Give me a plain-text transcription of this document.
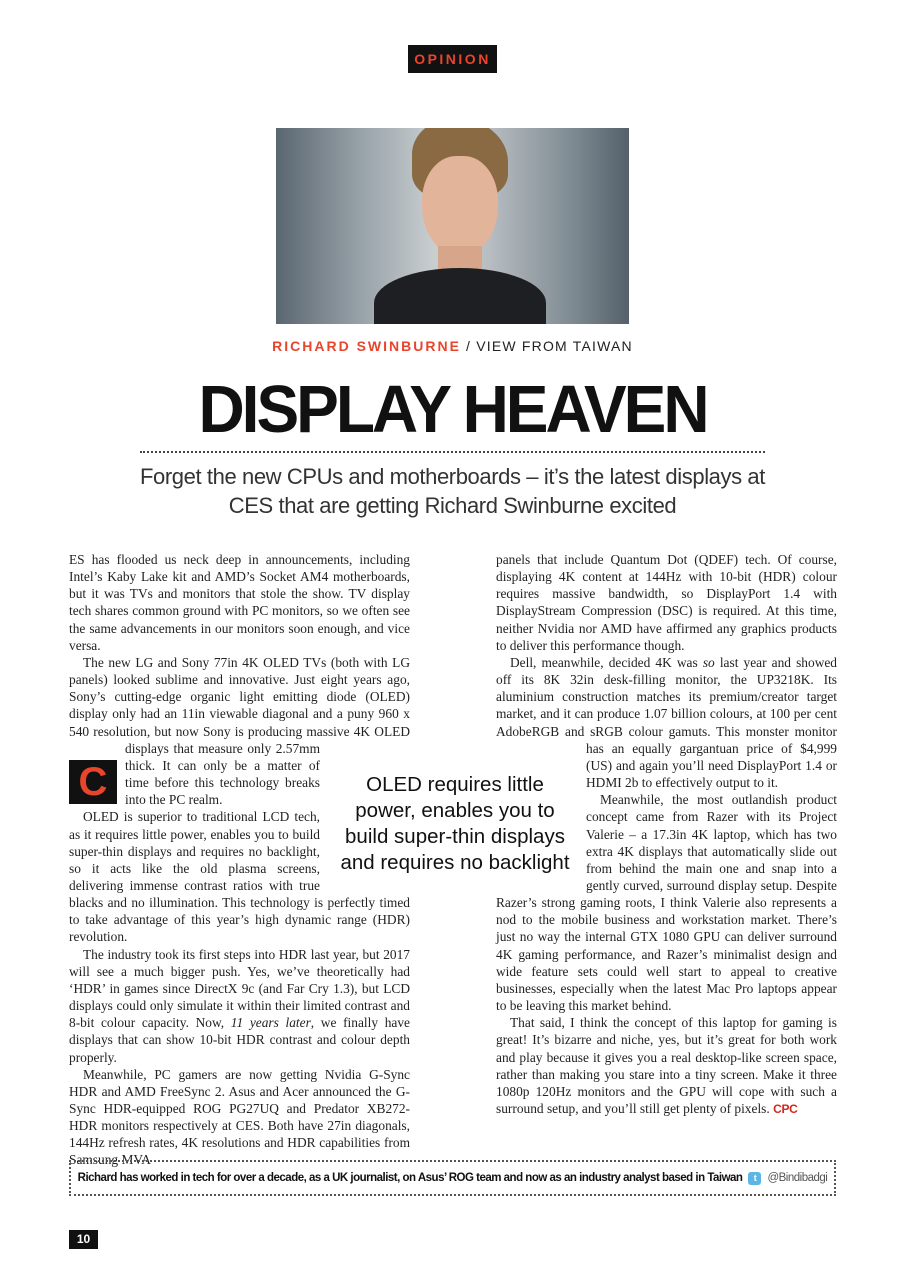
OPINION
RICHARD SWINBURNE / VIEW FROM TAIWAN
DISPLAY HEAVEN
Forget the new CPUs and motherboards – it’s the latest displays at CES that are getting Richard Swinburne excited

C
ES has flooded us neck deep in announcements, including Intel’s Kaby Lake kit and AMD’s Socket AM4 motherboards, but it was TVs and monitors that stole the show. TV display tech shares common ground with PC monitors, so we often see the same advancements in our monitors soon enough, and vice versa.

The new LG and Sony 77in 4K OLED TVs (both with LG panels) looked sublime and innovative. Just eight years ago, Sony’s cutting-edge organic light emitting diode (OLED) display only had an 11in viewable diagonal and a puny 960 x 540 resolution, but now Sony is producing massive 4K OLED displays that measure only 2.57mm thick. It can only be a matter of time before this technology breaks into the PC realm.

OLED is superior to traditional LCD tech, as it requires little power, enables you to build super-thin displays and requires no backlight, so it acts like the old plasma screens, delivering immense contrast ratios with true blacks and no illumination. This technology is perfectly timed to take advantage of this year’s high dynamic range (HDR) revolution.

The industry took its first steps into HDR last year, but 2017 will see a much bigger push. Yes, we’ve theoretically had ‘HDR’ in games since DirectX 9c (and Far Cry 1.3), but LCD displays could only simulate it within their limited contrast and 8-bit colour capacity. Now, 11 years later, we finally have displays that can show 10-bit HDR contrast and colour depth properly.

Meanwhile, PC gamers are now getting Nvidia G-Sync HDR and AMD FreeSync 2. Asus and Acer announced the G-Sync HDR-equipped ROG PG27UQ and Predator XB272-HDR monitors respectively at CES. Both have 27in diagonals, 144Hz refresh rates, 4K resolutions and HDR capabilities from Samsung MVA

panels that include Quantum Dot (QDEF) tech. Of course, displaying 4K content at 144Hz with 10-bit (HDR) colour requires massive bandwidth, so DisplayPort 1.4 with DisplayStream Compression (DSC) is required. At this time, neither Nvidia nor AMD have affirmed any graphics products to deliver this performance though.

Dell, meanwhile, decided 4K was so last year and showed off its 8K 32in desk-filling monitor, the UP3218K. Its aluminium construction matches its premium/creator target market, and it can produce 1.07 billion colours, at 100 per cent AdobeRGB and sRGB colour gamuts. This monster monitor has an equally gargantuan price of $4,999 (US) and again you’ll need DisplayPort 1.4 or HDMI 2b to effectively output to it.

Meanwhile, the most outlandish product concept came from Razer with its Project Valerie – a 17.3in 4K laptop, which has two extra 4K displays that automatically slide out from behind the main one and snap into a gently curved, surround display setup. Despite Razer’s strong gaming roots, I think Valerie also represents a nod to the mobile business and workstation market. There’s just no way the internal GTX 1080 GPU can deliver surround 4K gaming performance, and Razer’s minimalist design and wide feature sets could well start to appeal to creative businesses, especially when the latest Mac Pro laptops appear to be leaving this market behind.

That said, I think the concept of this laptop for gaming is great! It’s bizarre and niche, yes, but it’s great for both work and play because it gives you a real desktop-like screen space, rather than making you stare into a tiny screen. Make it three 1080p 120Hz monitors and the GPU will cope with such a surround setup, and you’ll still get plenty of pixels. CPC

OLED requires little power, enables you to build super-thin displays and requires no backlight
Richard has worked in tech for over a decade, as a UK journalist, on Asus’ ROG team and now as an industry analyst based in Taiwan	t @Bindibadgi
10
